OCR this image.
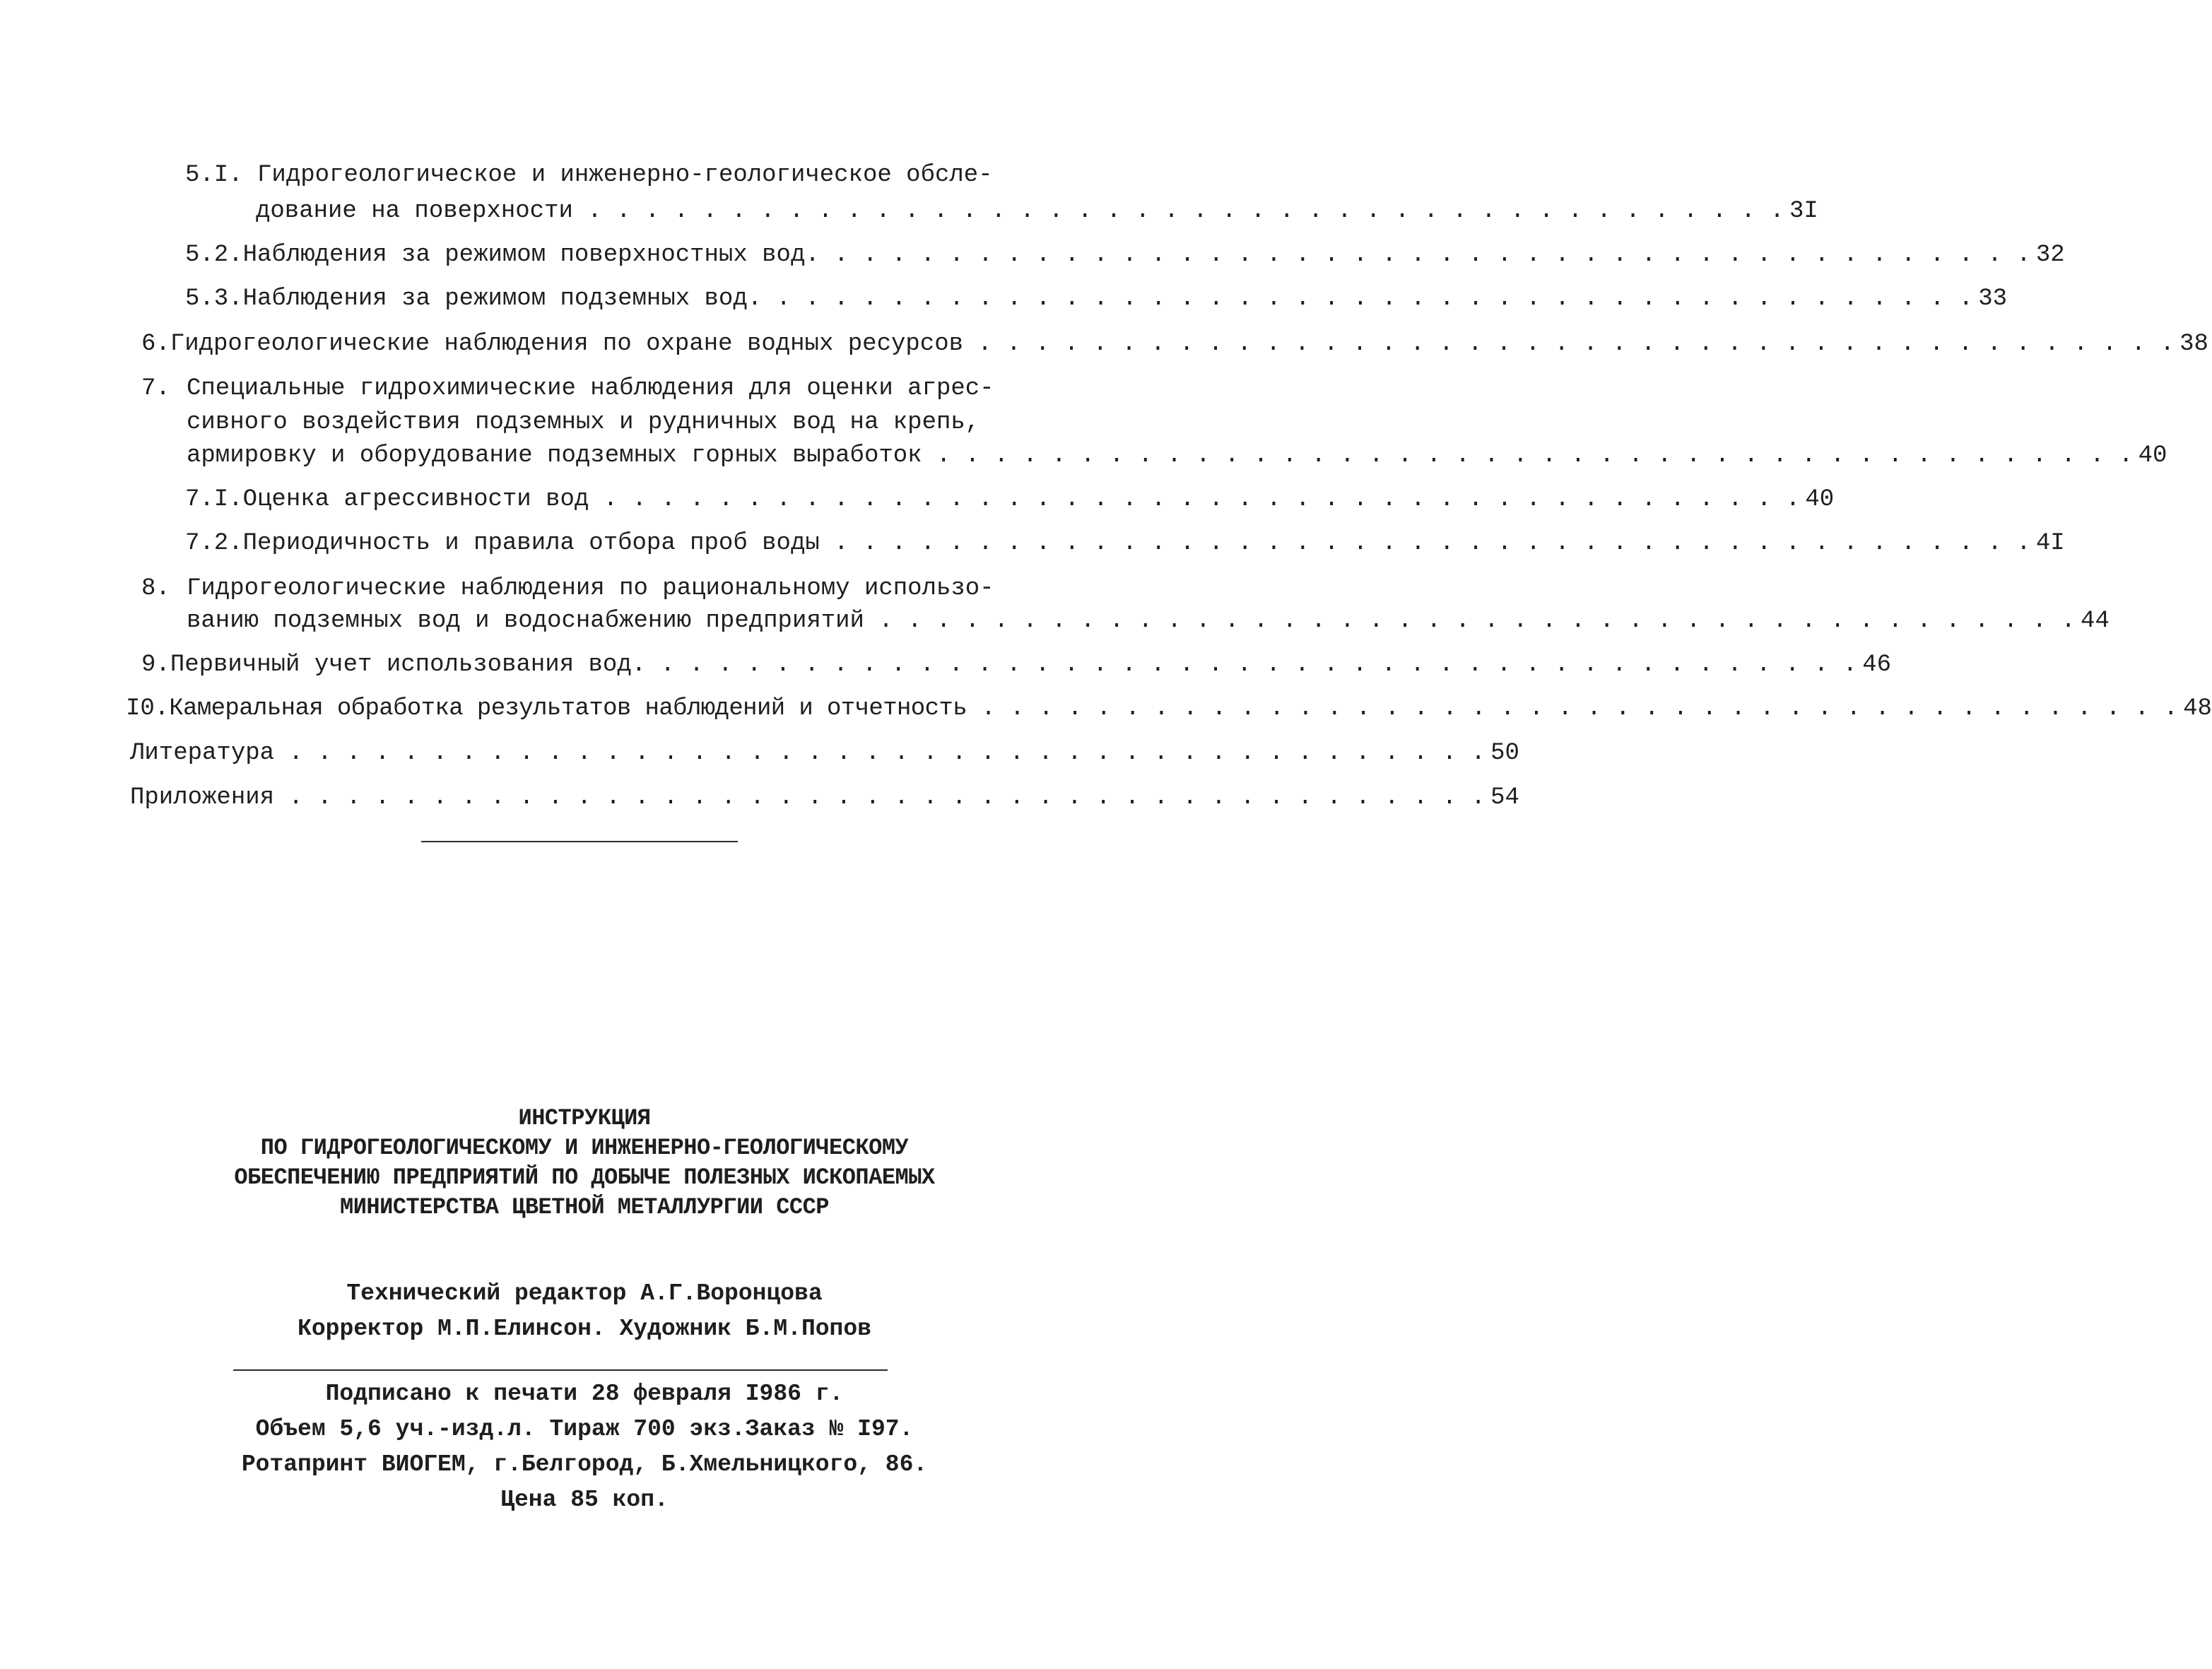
5.I. Гидрогеологическое и инженерно-геологическое обсле-
дование на поверхности . . . . . . . . . . . . . . . . . . . . . . . . . . . . . . . . . . . . . . . . . . 3I
5.2. Наблюдения за режимом поверхностных вод. . . . . . . . . . . . . . . . . . . . . . . . . . . . . . . . . . . . . . . . . . . 32
5.3. Наблюдения за режимом подземных вод. . . . . . . . . . . . . . . . . . . . . . . . . . . . . . . . . . . . . . . . . . . 33
6. Гидрогеологические наблюдения по охране водных ресурсов . . . . . . . . . . . . . . . . . . . . . . . . . . . . . . . . . . . . . . . . . . 38
7. Специальные гидрохимические наблюдения для оценки агрес-
сивного воздействия подземных и рудничных вод на крепь,
армировку и оборудование подземных горных выработок . . . . . . . . . . . . . . . . . . . . . . . . . . . . . . . . . . . . . . . . . . 40
7.I. Оценка агрессивности вод . . . . . . . . . . . . . . . . . . . . . . . . . . . . . . . . . . . . . . . . . . 40
7.2. Периодичность и правила отбора проб воды . . . . . . . . . . . . . . . . . . . . . . . . . . . . . . . . . . . . . . . . . . 4I
8. Гидрогеологические наблюдения по рациональному использо-
ванию подземных вод и водоснабжению предприятий . . . . . . . . . . . . . . . . . . . . . . . . . . . . . . . . . . . . . . . . . . 44
9. Первичный учет использования вод. . . . . . . . . . . . . . . . . . . . . . . . . . . . . . . . . . . . . . . . . . . 46
I0. Камеральная обработка результатов наблюдений и отчетность . . . . . . . . . . . . . . . . . . . . . . . . . . . . . . . . . . . . . . . . . . 48
Литература . . . . . . . . . . . . . . . . . . . . . . . . . . . . . . . . . . . . . . . . . . 50
Приложения . . . . . . . . . . . . . . . . . . . . . . . . . . . . . . . . . . . . . . . . . . 54
ИНСТРУКЦИЯ
ПО ГИДРОГЕОЛОГИЧЕСКОМУ И ИНЖЕНЕРНО-ГЕОЛОГИЧЕСКОМУ
ОБЕСПЕЧЕНИЮ ПРЕДПРИЯТИЙ ПО ДОБЫЧЕ ПОЛЕЗНЫХ ИСКОПАЕМЫХ
МИНИСТЕРСТВА ЦВЕТНОЙ МЕТАЛЛУРГИИ СССР
Технический редактор А.Г.Воронцова
Корректор М.П.Елинсон. Художник Б.М.Попов
Подписано к печати 28 февраля I986 г.
Объем 5,6 уч.-изд.л. Тираж 700 экз.Заказ № I97.
Ротапринт ВИОГЕМ, г.Белгород, Б.Хмельницкого, 86.
Цена 85 коп.
